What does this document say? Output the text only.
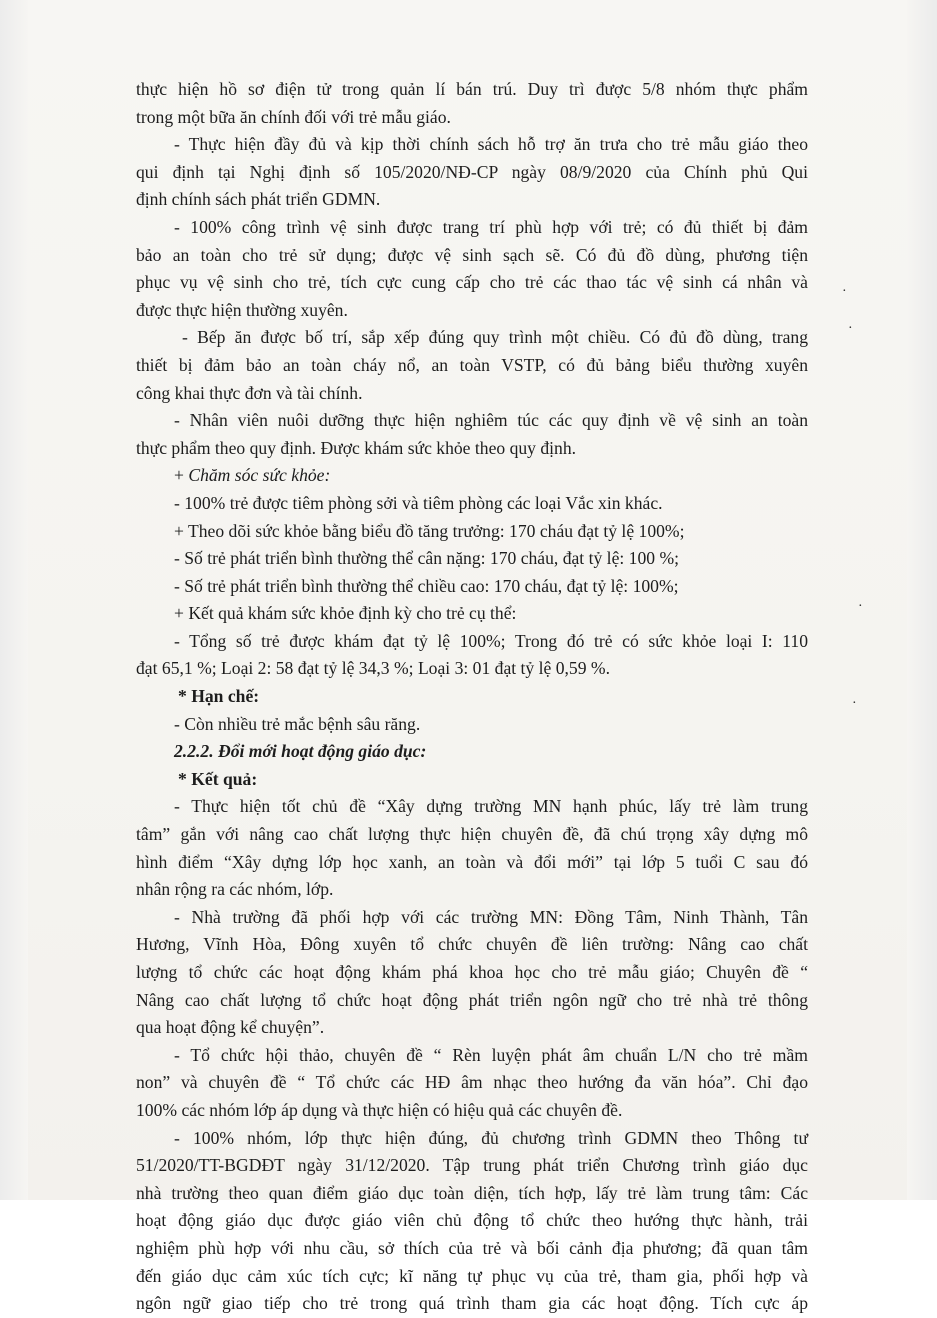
thực hiện hồ sơ điện tử trong quản lí bán trú. Duy trì được 5/8 nhóm thực phẩm
trong một bữa ăn chính đối với trẻ mẫu giáo.
- Thực hiện đầy đủ và kịp thời chính sách hỗ trợ ăn trưa cho trẻ mẫu giáo theo
qui định tại Nghị định số 105/2020/NĐ-CP ngày 08/9/2020 của Chính phủ Qui
định chính sách phát triển GDMN.
- 100% công trình vệ sinh được trang trí phù hợp với trẻ; có đủ thiết bị đảm
bảo an toàn cho trẻ sử dụng; được vệ sinh sạch sẽ. Có đủ đồ dùng, phương tiện
phục vụ vệ sinh cho trẻ, tích cực cung cấp cho trẻ các thao tác vệ sinh cá nhân và
được thực hiện thường xuyên.
- Bếp ăn được bố trí, sắp xếp đúng quy trình một chiều. Có đủ đồ dùng, trang
thiết bị đảm bảo an toàn cháy nổ, an toàn VSTP, có đủ bảng biểu thường xuyên
công khai thực đơn và tài chính.
- Nhân viên nuôi dưỡng thực hiện nghiêm túc các quy định về vệ sinh an toàn
thực phẩm theo quy định. Được khám sức khỏe theo quy định.
+ Chăm sóc sức khỏe:
- 100% trẻ được tiêm phòng sởi và tiêm phòng các loại Vắc xin khác.
+ Theo dõi sức khỏe bằng biểu đồ tăng trưởng: 170 cháu đạt tỷ lệ 100%;
- Số trẻ phát triển bình thường thể cân nặng: 170 cháu, đạt tỷ lệ: 100 %;
- Số trẻ phát triển bình thường thể chiều cao: 170 cháu, đạt tỷ lệ: 100%;
+ Kết quả khám sức khỏe định kỳ cho trẻ cụ thể:
- Tổng số trẻ được khám đạt tỷ lệ 100%; Trong đó trẻ có sức khỏe loại I: 110
đạt 65,1 %; Loại 2: 58 đạt tỷ lệ 34,3 %; Loại 3: 01 đạt tỷ lệ 0,59 %.
* Hạn chế:
- Còn nhiều trẻ mắc bệnh sâu răng.
2.2.2. Đổi mới hoạt động giáo dục:
* Kết quả:
- Thực hiện tốt chủ đề “Xây dựng trường MN hạnh phúc, lấy trẻ làm trung
tâm” gắn với nâng cao chất lượng thực hiện chuyên đề, đã chú trọng xây dựng mô
hình điểm “Xây dựng lớp học xanh, an toàn và đổi mới” tại lớp 5 tuổi C sau đó
nhân rộng ra các nhóm, lớp.
- Nhà trường đã phối hợp với các trường MN: Đồng Tâm, Ninh Thành, Tân
Hương, Vĩnh Hòa, Đông xuyên tổ chức chuyên đề liên trường: Nâng cao chất
lượng tổ chức các hoạt động khám phá khoa học cho trẻ mẫu giáo; Chuyên đề “
Nâng cao chất lượng tổ chức hoạt động phát triển ngôn ngữ cho trẻ nhà trẻ thông
qua hoạt động kể chuyện”.
- Tổ chức hội thảo, chuyên đề “ Rèn luyện phát âm chuẩn L/N cho trẻ mầm
non” và chuyên đề “ Tổ chức các HĐ âm nhạc theo hướng đa văn hóa”. Chỉ đạo
100% các nhóm lớp áp dụng và thực hiện có hiệu quả các chuyên đề.
- 100% nhóm, lớp thực hiện đúng, đủ chương trình GDMN theo Thông tư
51/2020/TT-BGDĐT ngày 31/12/2020. Tập trung phát triển Chương trình giáo dục
nhà trường theo quan điểm giáo dục toàn diện, tích hợp, lấy trẻ làm trung tâm: Các
hoạt động giáo dục được giáo viên chủ động tổ chức theo hướng thực hành, trải
nghiệm phù hợp với nhu cầu, sở thích của trẻ và bối cảnh địa phương; đã quan tâm
đến giáo dục cảm xúc tích cực; kĩ năng tự phục vụ của trẻ, tham gia, phối hợp và
ngôn ngữ giao tiếp cho trẻ trong quá trình tham gia các hoạt động. Tích cực áp
·
·
·
·
